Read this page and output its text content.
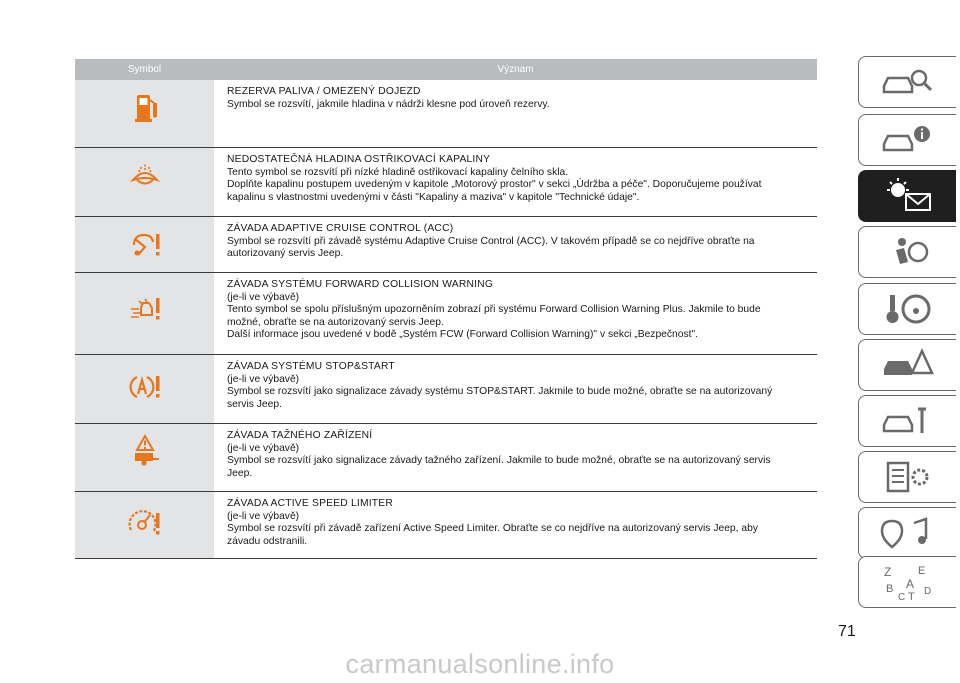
Symbol	Význam
REZERVA PALIVA / OMEZENÝ DOJEZD
Symbol se rozsvítí, jakmile hladina v nádrži klesne pod úroveň rezervy.
NEDOSTATEČNÁ HLADINA OSTŘIKOVACÍ KAPALINY
Tento symbol se rozsvítí při nízké hladině ostřikovací kapaliny čelního skla.
Doplňte kapalinu postupem uvedeným v kapitole „Motorový prostor" v sekci „Údržba a péče". Doporučujeme používat
kapalinu s vlastnostmi uvedenými v části "Kapaliny a maziva" v kapitole "Technické údaje".
ZÁVADA ADAPTIVE CRUISE CONTROL (ACC)
Symbol se rozsvítí při závadě systému Adaptive Cruise Control (ACC). V takovém případě se co nejdříve obraťte na
autorizovaný servis Jeep.
ZÁVADA SYSTÉMU FORWARD COLLISION WARNING
(je-li ve výbavě)
Tento symbol se spolu příslušným upozorněním zobrazí při systému Forward Collision Warning Plus. Jakmile to bude
možné, obraťte se na autorizovaný servis Jeep.
Další informace jsou uvedené v bodě „Systém FCW (Forward Collision Warning)" v sekci „Bezpečnost".
ZÁVADA SYSTÉMU STOP&START
(je-li ve výbavě)
Symbol se rozsvítí jako signalizace závady systému STOP&START. Jakmile to bude možné, obraťte se na autorizovaný
servis Jeep.
ZÁVADA TAŽNÉHO ZAŘÍZENÍ
(je-li ve výbavě)
Symbol se rozsvítí jako signalizace závady tažného zařízení. Jakmile to bude možné, obraťte se na autorizovaný servis
Jeep.
ZÁVADA ACTIVE SPEED LIMITER
(je-li ve výbavě)
Symbol se rozsvítí při závadě zařízení Active Speed Limiter. Obraťte se co nejdříve na autorizovaný servis Jeep, aby
závadu odstranili.
Z E
B A
C T D
71
carmanualsonline.info
